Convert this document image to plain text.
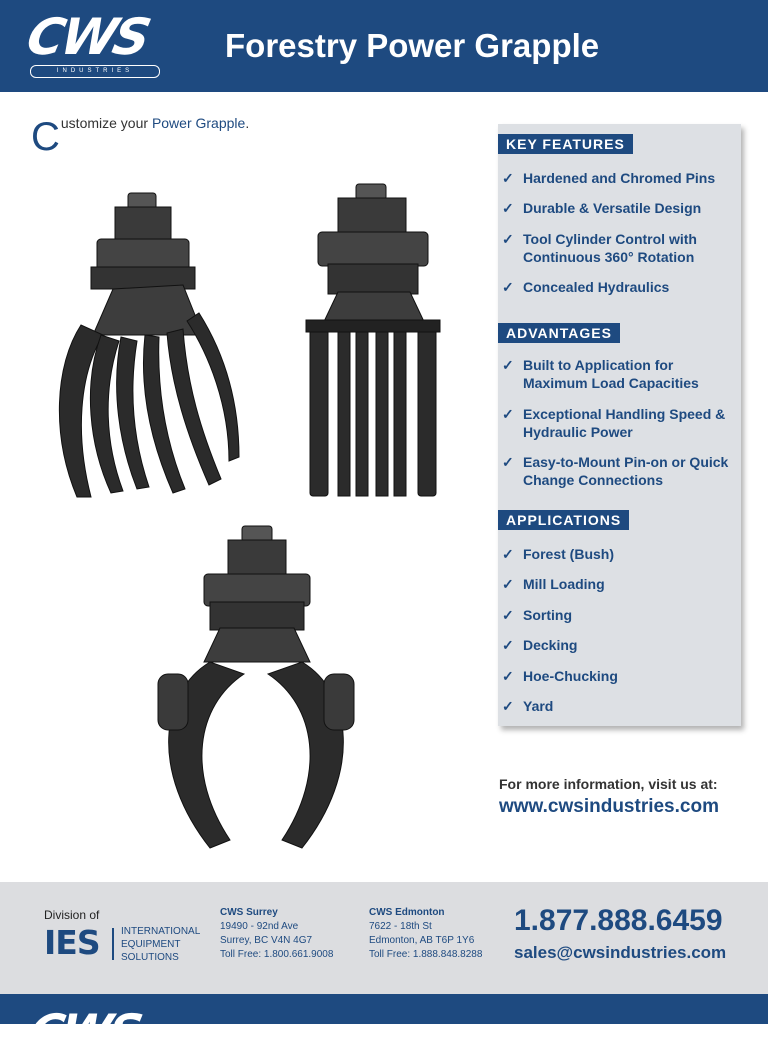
CWS
INDUSTRIES
Forestry Power Grapple
Customize your Power Grapple.
KEY FEATURES
✓ Hardened and Chromed Pins
✓ Durable & Versatile Design
✓ Tool Cylinder Control with Continuous 360° Rotation
✓ Concealed Hydraulics
ADVANTAGES
✓ Built to Application for Maximum Load Capacities
✓ Exceptional Handling Speed & Hydraulic Power
✓ Easy-to-Mount Pin-on or Quick Change Connections
APPLICATIONS
✓ Forest (Bush)
✓ Mill Loading
✓ Sorting
✓ Decking
✓ Hoe-Chucking
✓ Yard
For more information, visit us at:
www.cwsindustries.com
Division of
IES INTERNATIONAL
EQUIPMENT
SOLUTIONS
CWS Surrey
19490 - 92nd Ave
Surrey, BC V4N 4G7
Toll Free: 1.800.661.9008
CWS Edmonton
7622 - 18th St
Edmonton, AB T6P 1Y6
Toll Free: 1.888.848.8288
1.877.888.6459
sales@cwsindustries.com
CWS
